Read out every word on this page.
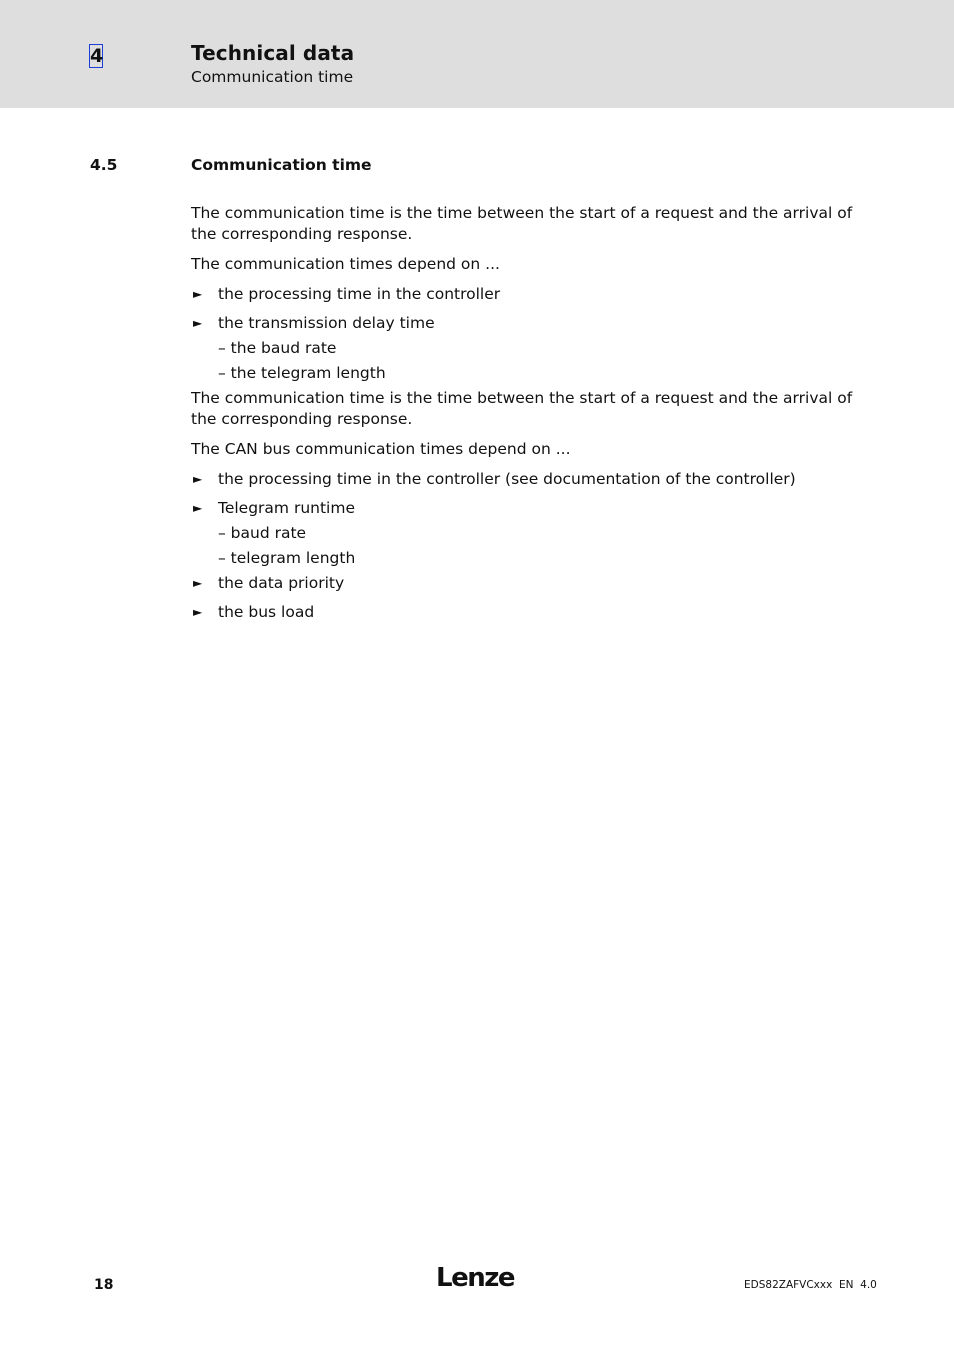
4	Technical data
Communication time
4.5	Communication time

The communication time is the time between the start of a request and the arrival of the corresponding response.

The communication times depend on ...

► the processing time in the controller
► the transmission delay time
– the baud rate
– the telegram length

The communication time is the time between the start of a request and the arrival of the corresponding response.

The CAN bus communication times depend on ...

► the processing time in the controller (see documentation of the controller)
► Telegram runtime
– baud rate
– telegram length
► the data priority
► the bus load
18	Lenze	EDS82ZAFVCxxx  EN  4.0
